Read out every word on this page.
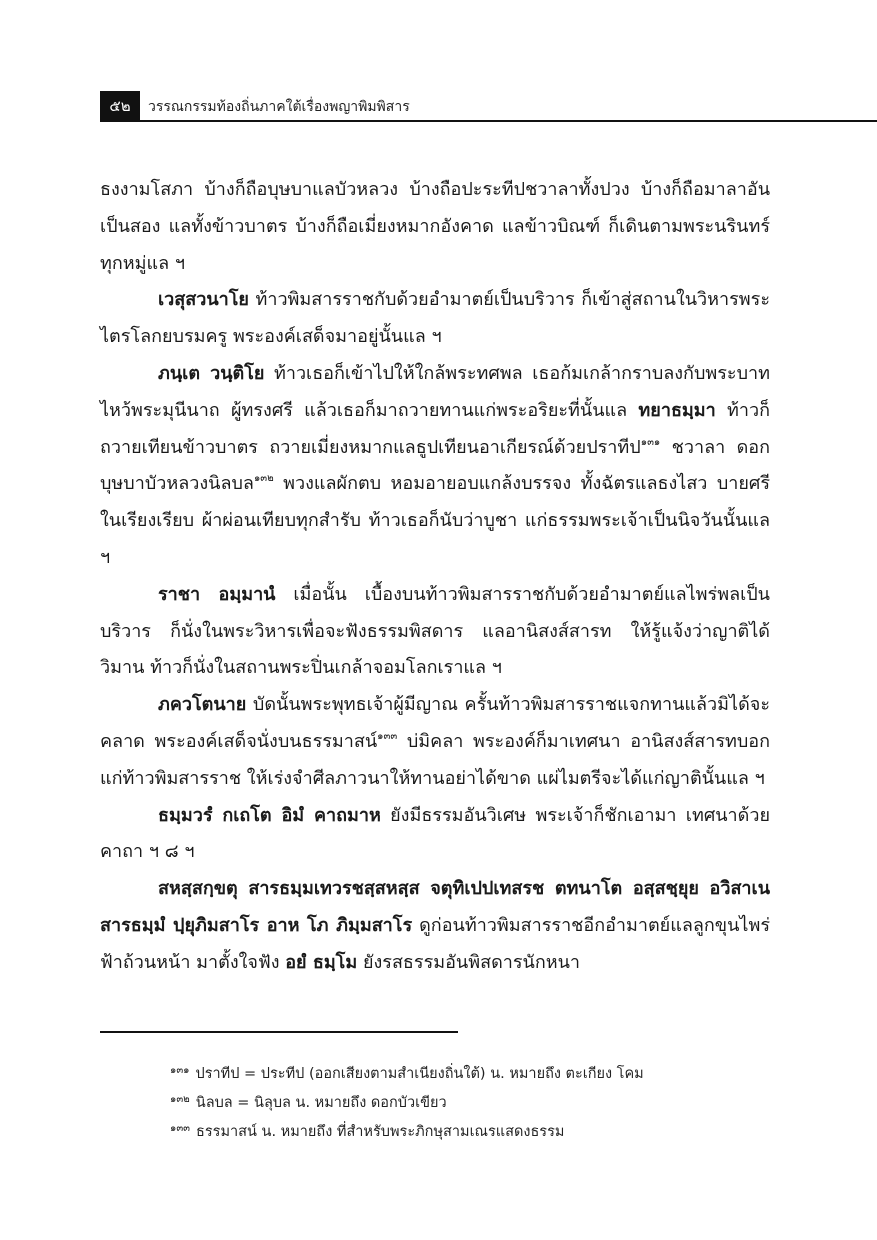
๕๒	วรรณกรรมท้องถิ่นภาคใต้เรื่องพญาพิมพิสาร

ธงงามโสภา บ้างก็ถือบุษบาแลบัวหลวง บ้างถือปะระทีปชวาลาทั้งปวง บ้างก็ถือมาลาอันเป็นสอง แลทั้งข้าวบาตร บ้างก็ถือเมี่ยงหมากอังคาด แลข้าวบิณฑ์ ก็เดินตามพระนรินทร์ทุกหมู่แล ฯ

เวสุสวนาโย ท้าวพิมสารราชกับด้วยอำมาตย์เป็นบริวาร ก็เข้าสู่สถานในวิหารพระไตรโลกยบรมครู พระองค์เสด็จมาอยู่นั้นแล ฯ

ภนฺเต วนฺติโย ท้าวเธอก็เข้าไปให้ใกล้พระทศพล เธอก้มเกล้ากราบลงกับพระบาทไหว้พระมุนีนาถ ผู้ทรงศรี แล้วเธอก็มาถวายทานแก่พระอริยะที่นั้นแล ทยาธมฺมา ท้าวก็ถวายเทียนข้าวบาตร ถวายเมี่ยงหมากแลธูปเทียนอาเกียรณ์ด้วยปราทีป$^{๑๓๑}$ ชวาลา ดอกบุษบาบัวหลวงนิลบล$^{๑๓๒}$ พวงแลผักตบ หอมอายอบแกล้งบรรจง ทั้งฉัตรแลธงไสว บายศรีในเรียงเรียบ ผ้าผ่อนเทียบทุกสำรับ ท้าวเธอก็นับว่าบูชา แก่ธรรมพระเจ้าเป็นนิจวันนั้นแล ฯ

ราชา อมฺมานํ เมื่อนั้น เบื้องบนท้าวพิมสารราชกับด้วยอำมาตย์แลไพร่พลเป็นบริวาร ก็นั่งในพระวิหารเพื่อจะฟังธรรมพิสดาร แลอานิสงส์สารท ให้รู้แจ้งว่าญาติได้วิมาน ท้าวก็นั่งในสถานพระปิ่นเกล้าจอมโลกเราแล ฯ

ภควโตนาย บัดนั้นพระพุทธเจ้าผู้มีญาณ ครั้นท้าวพิมสารราชแจกทานแล้วมิได้จะคลาด พระองค์เสด็จนั่งบนธรรมาสน์$^{๑๓๓}$ บ่มิคลา พระองค์ก็มาเทศนา อานิสงส์สารทบอกแก่ท้าวพิมสารราช ให้เร่งจำศีลภาวนาให้ทานอย่าได้ขาด แผ่ไมตรีจะได้แก่ญาตินั้นแล ฯ

ธมฺมวรํ กเถโต อิมํ คาถมาห ยังมีธรรมอันวิเศษ พระเจ้าก็ชักเอามา เทศนาด้วยคาถา ฯ ๘ ฯ

สหสฺสกฺขตุ สารธมฺมเทวรชสฺสหสฺส จตุทิเปปเทสรช ตทนาโต อสฺสชฺยุย อวิสาเนสารธมฺมํ ปฺยุภิมสาโร อาห โภ ภิมฺมสาโร ดูก่อนท้าวพิมสารราชอีกอำมาตย์แลลูกขุนไพร่ฟ้าถ้วนหน้า มาตั้งใจฟัง อยํ ธมฺโม ยังรสธรรมอันพิสดารนักหนา

$^{๑๓๑}$ ปราทีป = ประทีป (ออกเสียงตามสำเนียงถิ่นใต้) น. หมายถึง ตะเกียง โคม
$^{๑๓๒}$ นิลบล = นิลุบล น. หมายถึง ดอกบัวเขียว
$^{๑๓๓}$ ธรรมาสน์ น. หมายถึง ที่สำหรับพระภิกษุสามเณรแสดงธรรม
